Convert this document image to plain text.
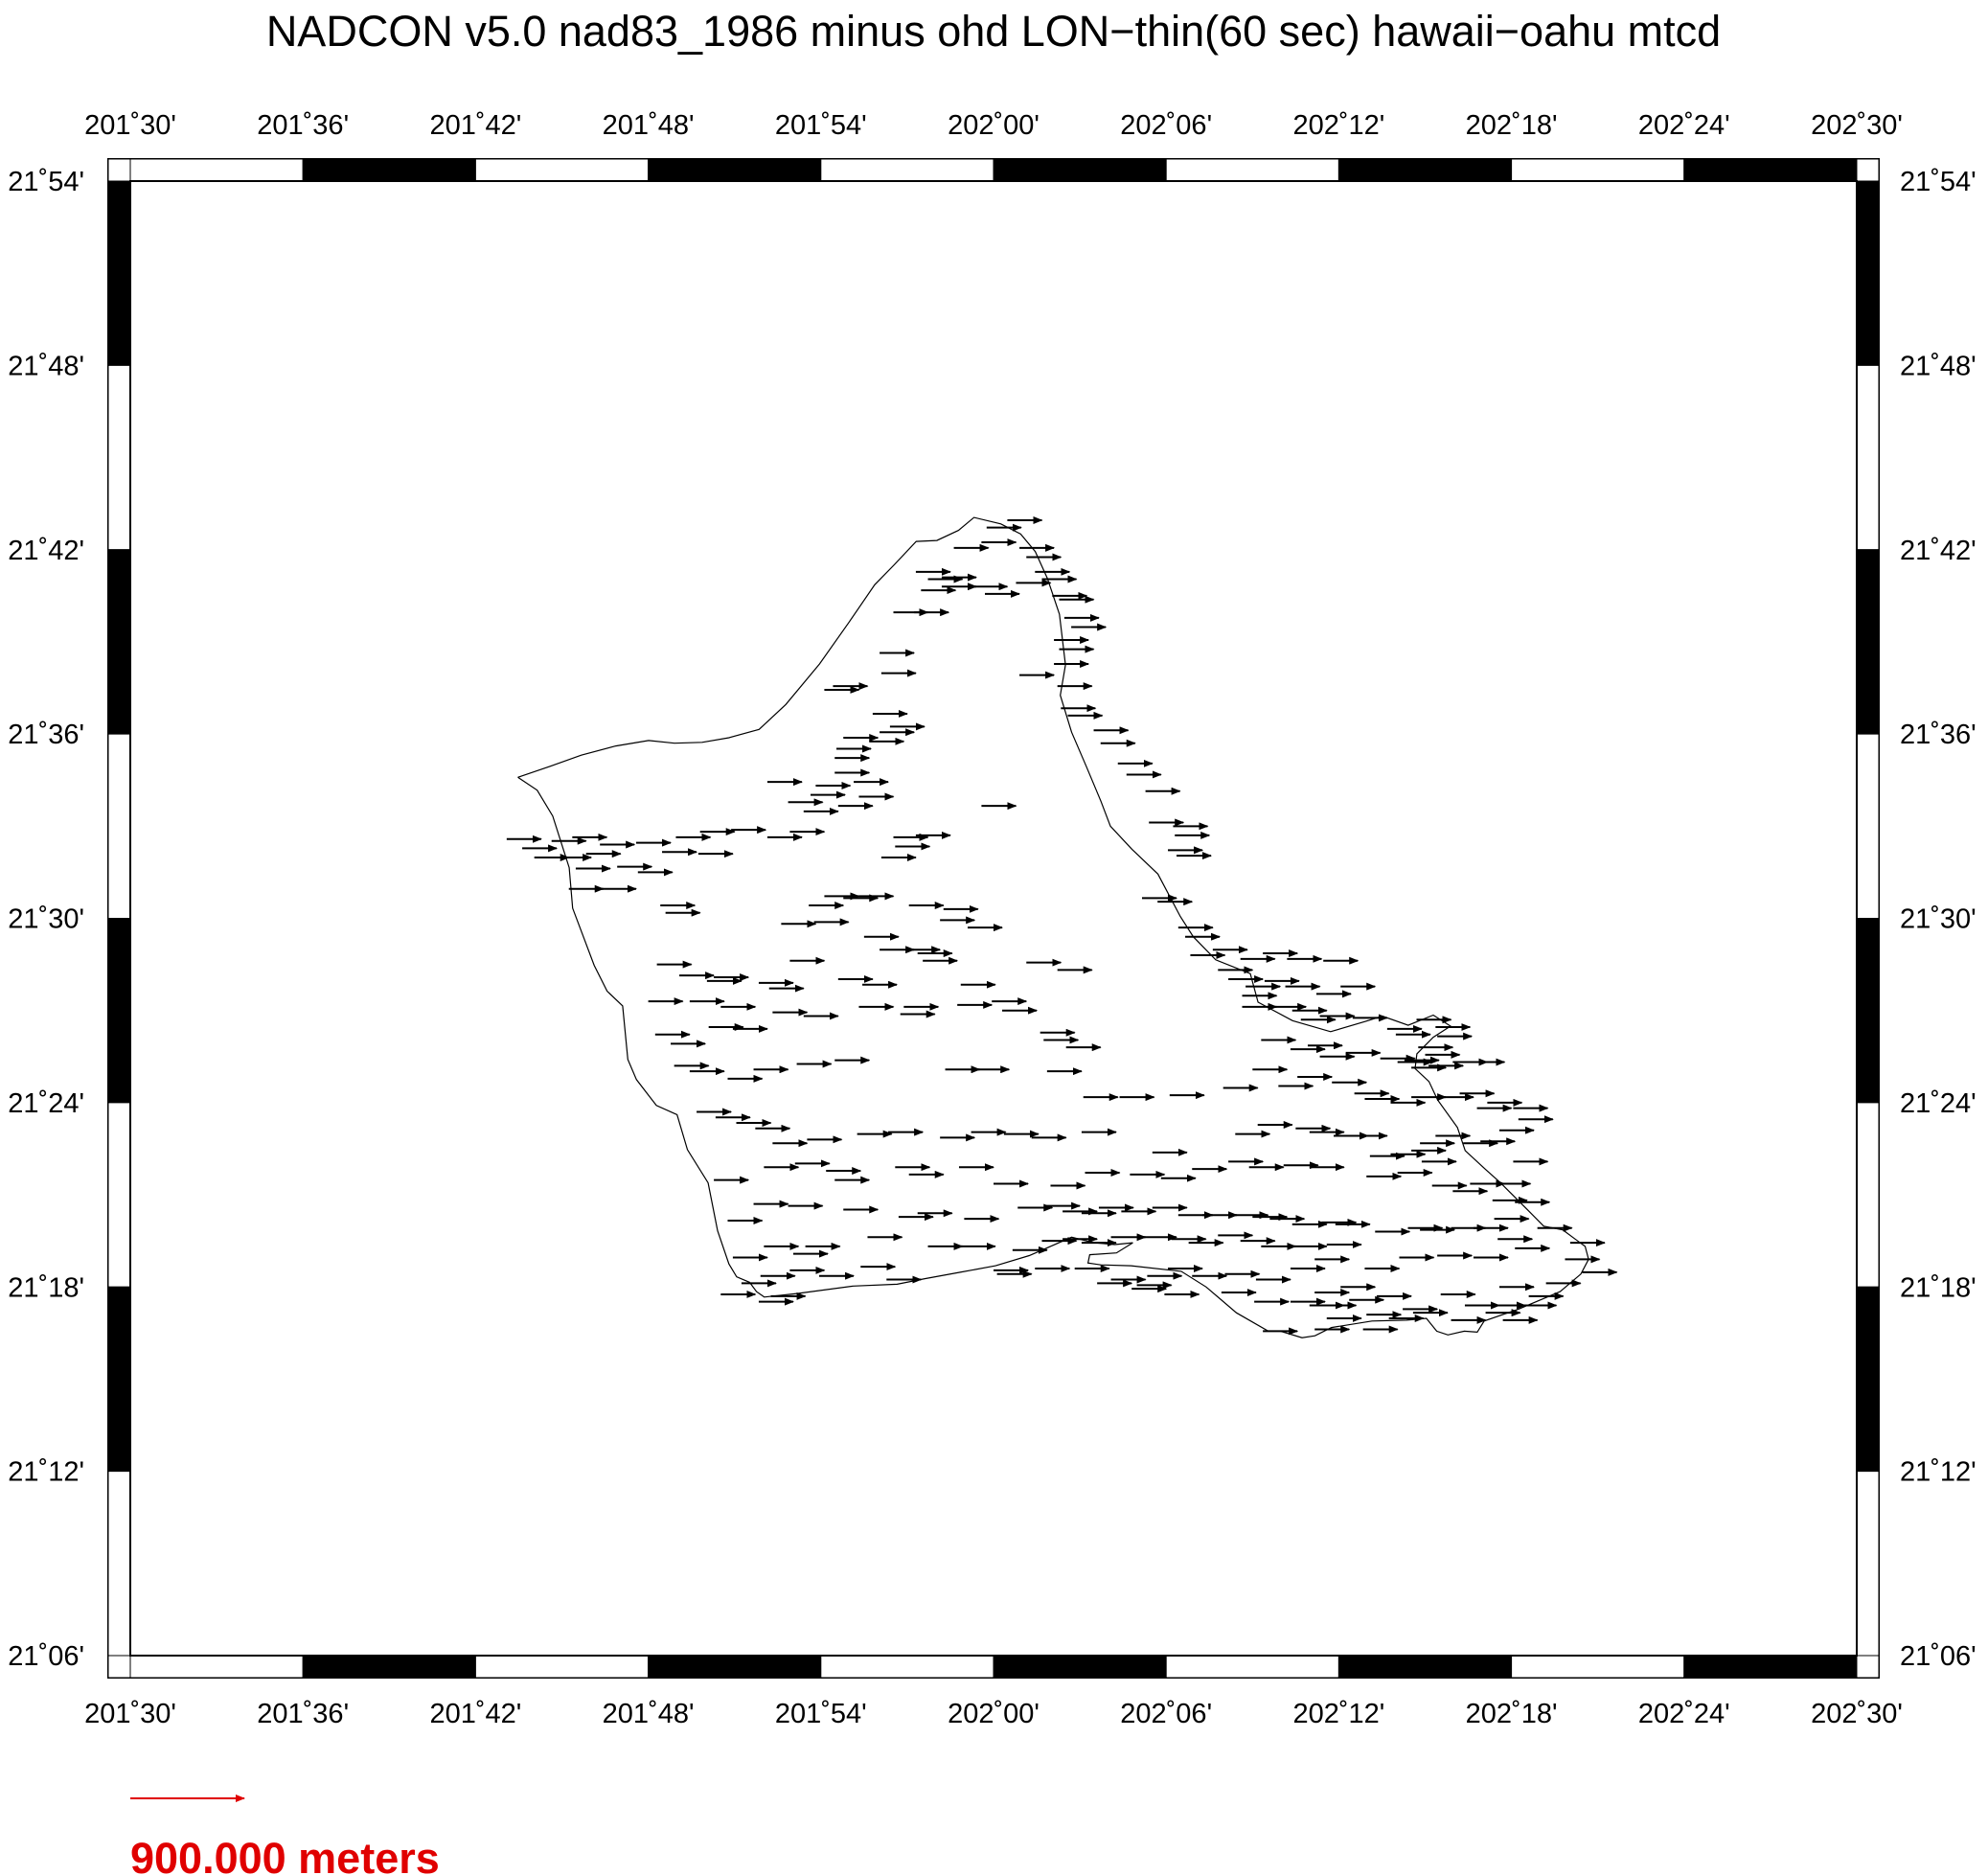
NADCON v5.0 nad83_1986 minus ohd LON−thin(60 sec) hawaii−oahu mtcd
201˚30'	201˚36'	201˚42'	201˚48'	201˚54'	202˚00'	202˚06'	202˚12'	202˚18'	202˚24'	202˚30'
201˚30'	201˚36'	201˚42'	201˚48'	201˚54'	202˚00'	202˚06'	202˚12'	202˚18'	202˚24'	202˚30'
21˚54'
21˚48'
21˚42'
21˚36'
21˚30'
21˚24'
21˚18'
21˚12'
21˚06'
21˚54'
21˚48'
21˚42'
21˚36'
21˚30'
21˚24'
21˚18'
21˚12'
21˚06'
900.000 meters
